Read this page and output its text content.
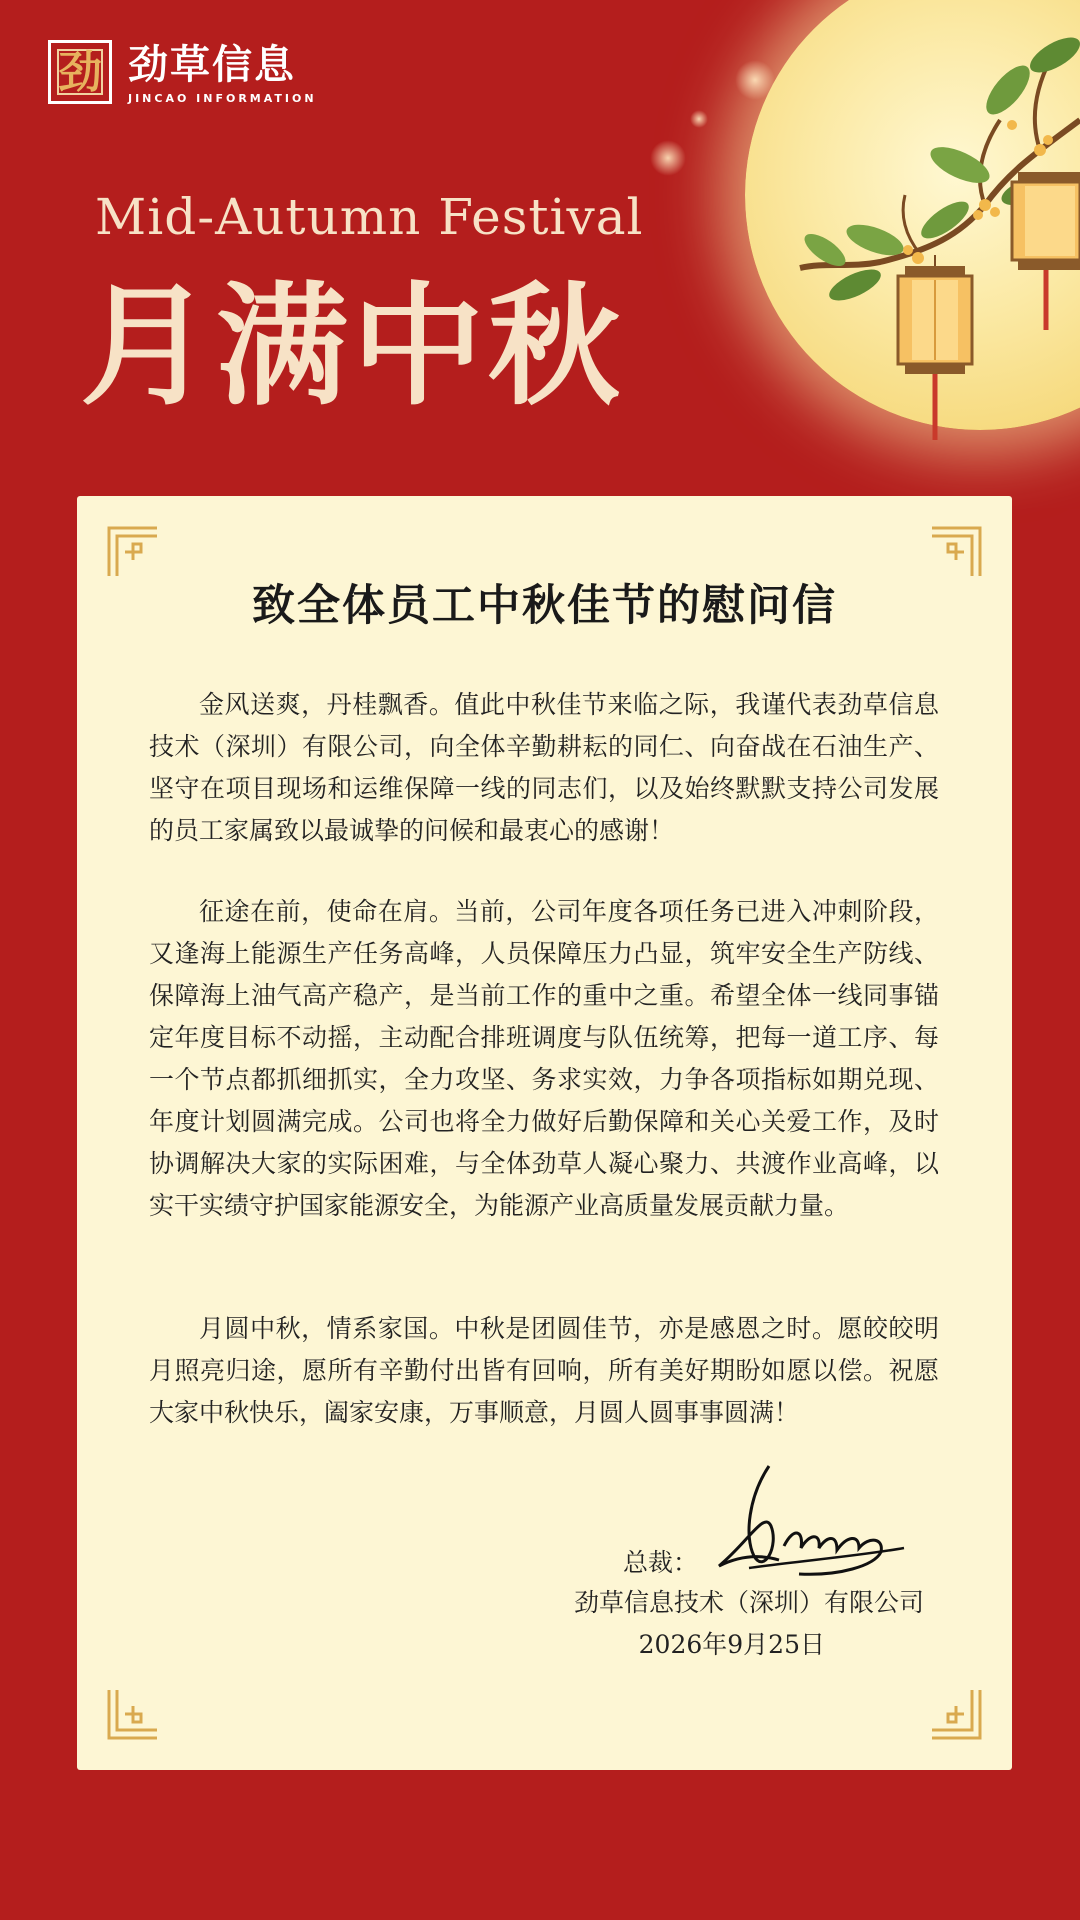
劲 劲草信息
JINCAO INFORMATION
Mid-Autumn Festival
月满中秋
致全体员工中秋佳节的慰问信

金风送爽，丹桂飘香。值此中秋佳节来临之际，我谨代表劲草信息技术（深圳）有限公司，向全体辛勤耕耘的同仁、向奋战在石油生产、坚守在项目现场和运维保障一线的同志们，以及始终默默支持公司发展的员工家属致以最诚挚的问候和最衷心的感谢！

征途在前，使命在肩。当前，公司年度各项任务已进入冲刺阶段，又逢海上能源生产任务高峰，人员保障压力凸显，筑牢安全生产防线、保障海上油气高产稳产，是当前工作的重中之重。希望全体一线同事锚定年度目标不动摇，主动配合排班调度与队伍统筹，把每一道工序、每一个节点都抓细抓实，全力攻坚、务求实效，力争各项指标如期兑现、年度计划圆满完成。公司也将全力做好后勤保障和关心关爱工作，及时协调解决大家的实际困难，与全体劲草人凝心聚力、共渡作业高峰，以实干实绩守护国家能源安全，为能源产业高质量发展贡献力量。

月圆中秋，情系家国。中秋是团圆佳节，亦是感恩之时。愿皎皎明月照亮归途，愿所有辛勤付出皆有回响，所有美好期盼如愿以偿。祝愿大家中秋快乐，阖家安康，万事顺意，月圆人圆事事圆满！

总裁：
劲草信息技术（深圳）有限公司
2026年9月25日
